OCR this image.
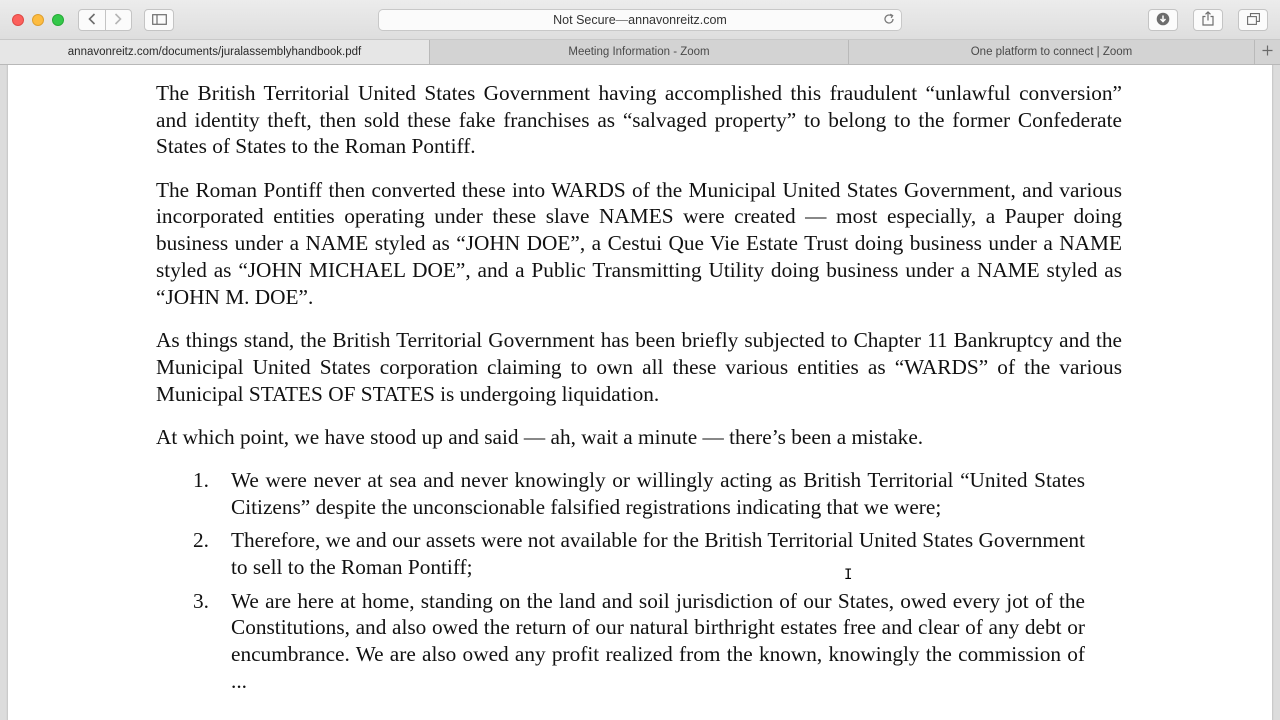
Not Secure — annavonreitz.com
annavonreitz.com/documents/juralassemblyhandbook.pdf	Meeting Information - Zoom	One platform to connect | Zoom

The British Territorial United States Government having accomplished this fraudulent “unlawful conversion” and identity theft, then sold these fake franchises as “salvaged property” to belong to the former Confederate States of States to the Roman Pontiff.

The Roman Pontiff then converted these into WARDS of the Municipal United States Government, and various incorporated entities operating under these slave NAMES were created — most especially, a Pauper doing business under a NAME styled as “JOHN DOE”, a Cestui Que Vie Estate Trust doing business under a NAME styled as “JOHN MICHAEL DOE”, and a Public Transmitting Utility doing business under a NAME styled as “JOHN M. DOE”.

As things stand, the British Territorial Government has been briefly subjected to Chapter 11 Bankruptcy and the Municipal United States corporation claiming to own all these various entities as “WARDS” of the various Municipal STATES OF STATES is undergoing liquidation.

At which point, we have stood up and said — ah, wait a minute — there’s been a mistake.

1. We were never at sea and never knowingly or willingly acting as British Territorial “United States Citizens” despite the unconscionable falsified registrations indicating that we were;
2. Therefore, we and our assets were not available for the British Territorial United States Government to sell to the Roman Pontiff;
3. We are here at home, standing on the land and soil jurisdiction of our States, owed every jot of the Constitutions, and also owed the return of our natural birthright estates free and clear of any debt or encumbrance. We are also owed any profit realized from the known, knowingly the commission of ...
I
